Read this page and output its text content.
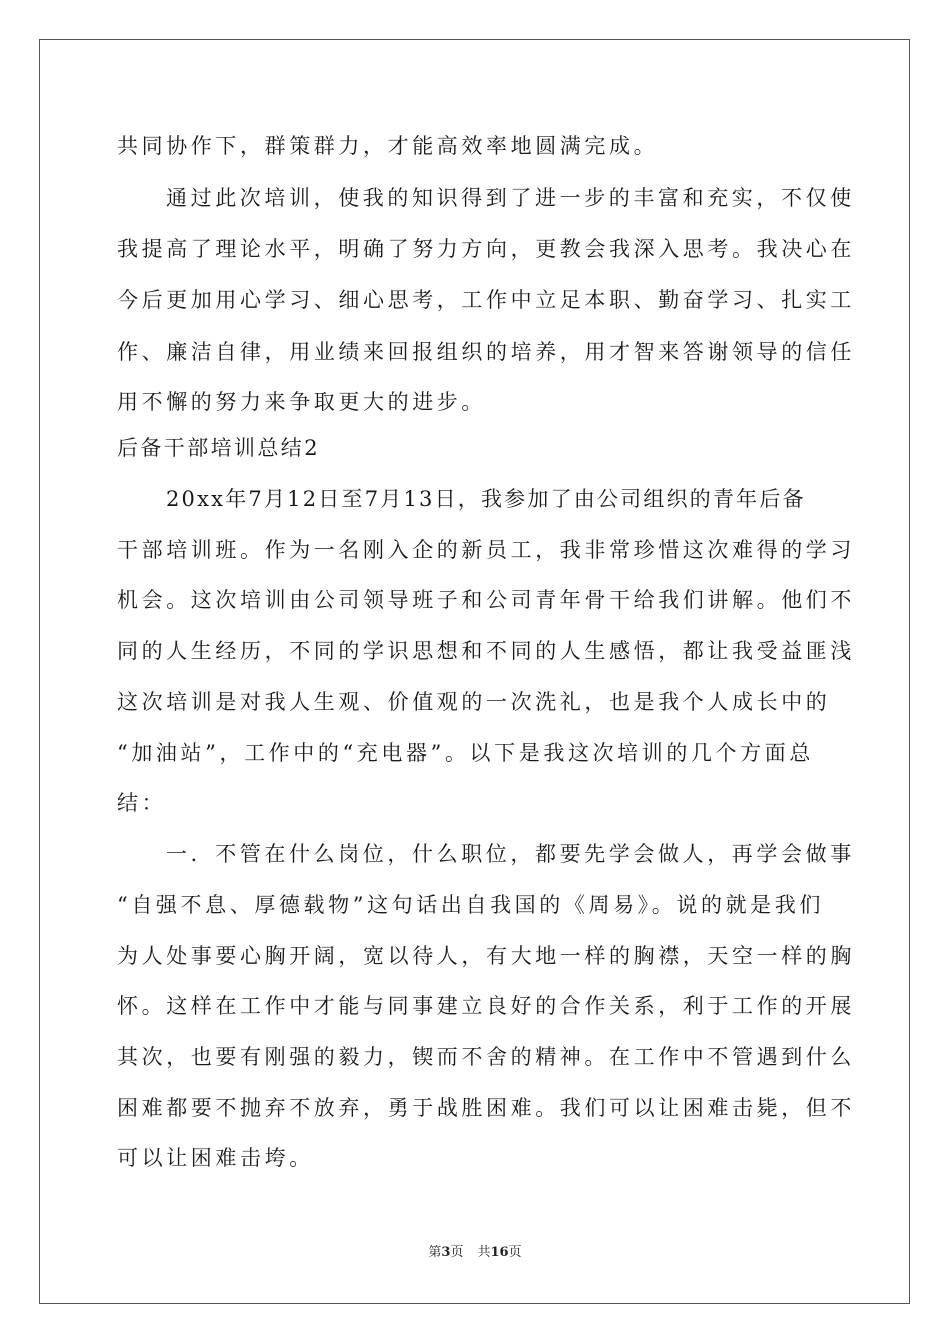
共同协作下，群策群力，才能高效率地圆满完成。
通过此次培训，使我的知识得到了进一步的丰富和充实，不仅使
我提高了理论水平，明确了努力方向，更教会我深入思考。我决心在
今后更加用心学习、细心思考，工作中立足本职、勤奋学习、扎实工
作、廉洁自律，用业绩来回报组织的培养，用才智来答谢领导的信任
用不懈的努力来争取更大的进步。
后备干部培训总结2
20xx年7月12日至7月13日，我参加了由公司组织的青年后备
干部培训班。作为一名刚入企的新员工，我非常珍惜这次难得的学习
机会。这次培训由公司领导班子和公司青年骨干给我们讲解。他们不
同的人生经历，不同的学识思想和不同的人生感悟，都让我受益匪浅
这次培训是对我人生观、价值观的一次洗礼，也是我个人成长中的
“加油站”，工作中的“充电器”。以下是我这次培训的几个方面总
结：
一．不管在什么岗位，什么职位，都要先学会做人，再学会做事
“自强不息、厚德载物”这句话出自我国的《周易》。说的就是我们
为人处事要心胸开阔，宽以待人，有大地一样的胸襟，天空一样的胸
怀。这样在工作中才能与同事建立良好的合作关系，利于工作的开展
其次，也要有刚强的毅力，锲而不舍的精神。在工作中不管遇到什么
困难都要不抛弃不放弃，勇于战胜困难。我们可以让困难击毙，但不
可以让困难击垮。
第3页 共16页
